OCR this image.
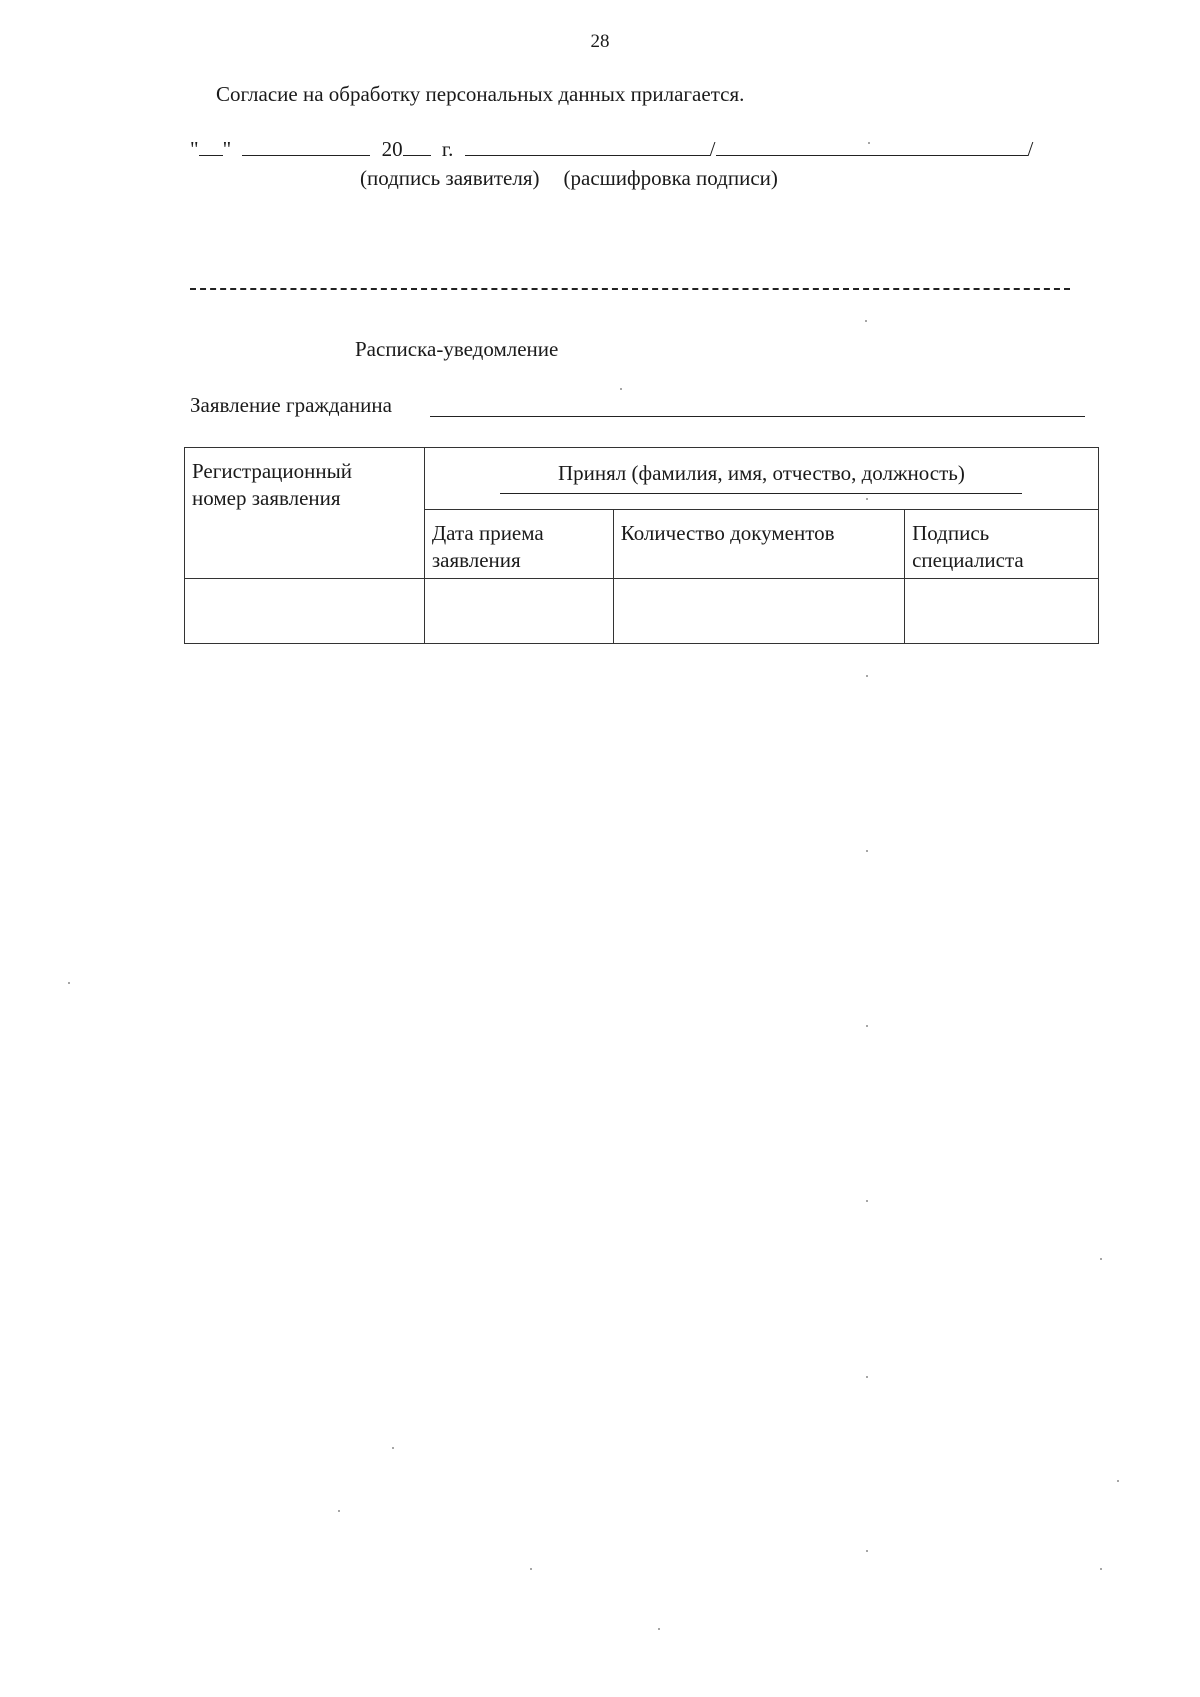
28
Согласие на обработку персональных данных прилагается.
" "	20 г.	/	/
(подпись заявителя) (расшифровка подписи)
Расписка-уведомление
Заявление гражданина
Регистрационный номер заявления	Принял (фамилия, имя, отчество, должность)		

	Дата приема заявления	Количество документов	Подпись специалиста
